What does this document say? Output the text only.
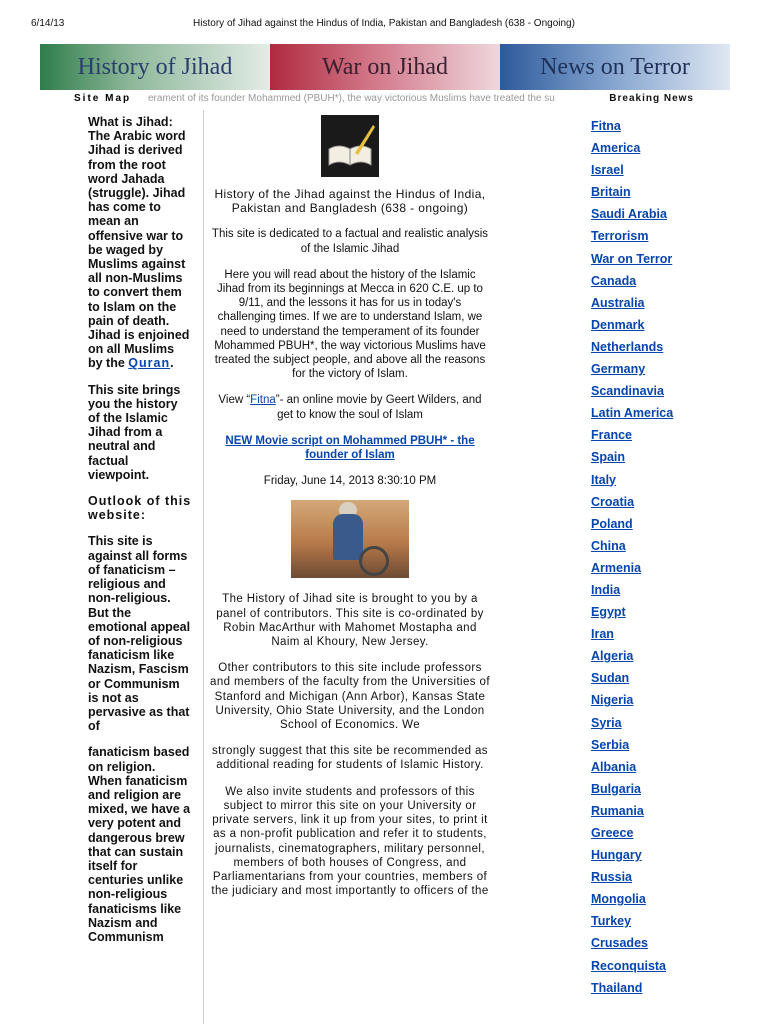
6/14/13	History of Jihad against the Hindus of India, Pakistan and Bangladesh (638 - Ongoing)
History of Jihad	War on Jihad	News on Terror
Site Map erament of its founder Mohammed (PBUH*), the way victorious Muslims have treated the su	Breaking News

What is Jihad: The Arabic word Jihad is derived from the root word Jahada (struggle). Jihad has come to mean an offensive war to be waged by Muslims against all non-Muslims to convert them to Islam on the pain of death. Jihad is enjoined on all Muslims by the Quran.

This site brings you the history of the Islamic Jihad from a neutral and factual viewpoint.

Outlook of this website:

This site is against all forms of fanaticism – religious and non-religious. But the emotional appeal of non-religious fanaticism like Nazism, Fascism or Communism is not as pervasive as that of

fanaticism based on religion. When fanaticism and religion are mixed, we have a very potent and dangerous brew that can sustain itself for centuries unlike non-religious fanaticisms like Nazism and Communism

History of the Jihad against the Hindus of India, Pakistan and Bangladesh (638 - ongoing)

This site is dedicated to a factual and realistic analysis of the Islamic Jihad

Here you will read about the history of the Islamic Jihad from its beginnings at Mecca in 620 C.E. up to 9/11, and the lessons it has for us in today's challenging times. If we are to understand Islam, we need to understand the temperament of its founder Mohammed PBUH*, the way victorious Muslims have treated the subject people, and above all the reasons for the victory of Islam.

View “Fitna”- an online movie by Geert Wilders, and get to know the soul of Islam

NEW Movie script on Mohammed PBUH* - the founder of Islam

Friday, June 14, 2013 8:30:10 PM

The History of Jihad site is brought to you by a panel of contributors. This site is co-ordinated by Robin MacArthur with Mahomet Mostapha and Naim al Khoury, New Jersey.

Other contributors to this site include professors and members of the faculty from the Universities of Stanford and Michigan (Ann Arbor), Kansas State University, Ohio State University, and the London School of Economics. We

strongly suggest that this site be recommended as additional reading for students of Islamic History.

We also invite students and professors of this subject to mirror this site on your University or private servers, link it up from your sites, to print it as a non-profit publication and refer it to students, journalists, cinematographers, military personnel, members of both houses of Congress, and Parliamentarians from your countries, members of the judiciary and most importantly to officers of the

Fitna
America
Israel
Britain
Saudi Arabia
Terrorism
War on Terror
Canada
Australia
Denmark
Netherlands
Germany
Scandinavia
Latin America
France
Spain
Italy
Croatia
Poland
China
Armenia
India
Egypt
Iran
Algeria
Sudan
Nigeria
Syria
Serbia
Albania
Bulgaria
Rumania
Greece
Hungary
Russia
Mongolia
Turkey
Crusades
Reconquista
Thailand
